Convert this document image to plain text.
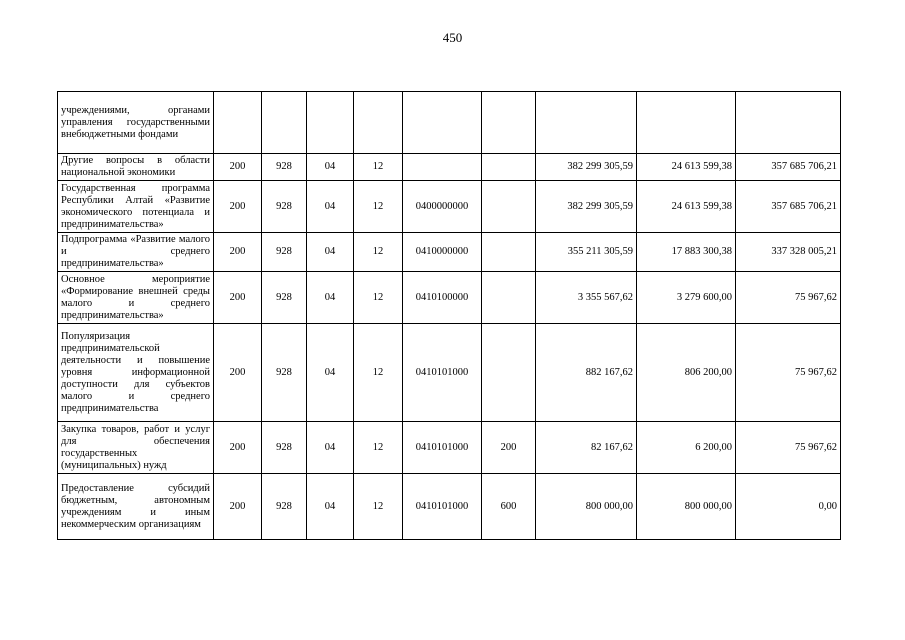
450
учреждениями, органами управления государственными внебюджетными фондами									
Другие вопросы в области национальной экономики	200	928	04	12			382 299 305,59	24 613 599,38	357 685 706,21
Государственная программа Республики Алтай «Развитие экономического потенциала и предпринимательства»	200	928	04	12	0400000000		382 299 305,59	24 613 599,38	357 685 706,21
Подпрограмма «Развитие малого и среднего предпринимательства»	200	928	04	12	0410000000		355 211 305,59	17 883 300,38	337 328 005,21
Основное мероприятие «Формирование внешней среды малого и среднего предпринимательства»	200	928	04	12	0410100000		3 355 567,62	3 279 600,00	75 967,62
Популяризация предпринимательской деятельности и повышение уровня информационной доступности для субъектов малого и среднего предпринимательства	200	928	04	12	0410101000		882 167,62	806 200,00	75 967,62
Закупка товаров, работ и услуг для обеспечения государственных (муниципальных) нужд	200	928	04	12	0410101000	200	82 167,62	6 200,00	75 967,62
Предоставление субсидий бюджетным, автономным учреждениям и иным некоммерческим организациям	200	928	04	12	0410101000	600	800 000,00	800 000,00	0,00
